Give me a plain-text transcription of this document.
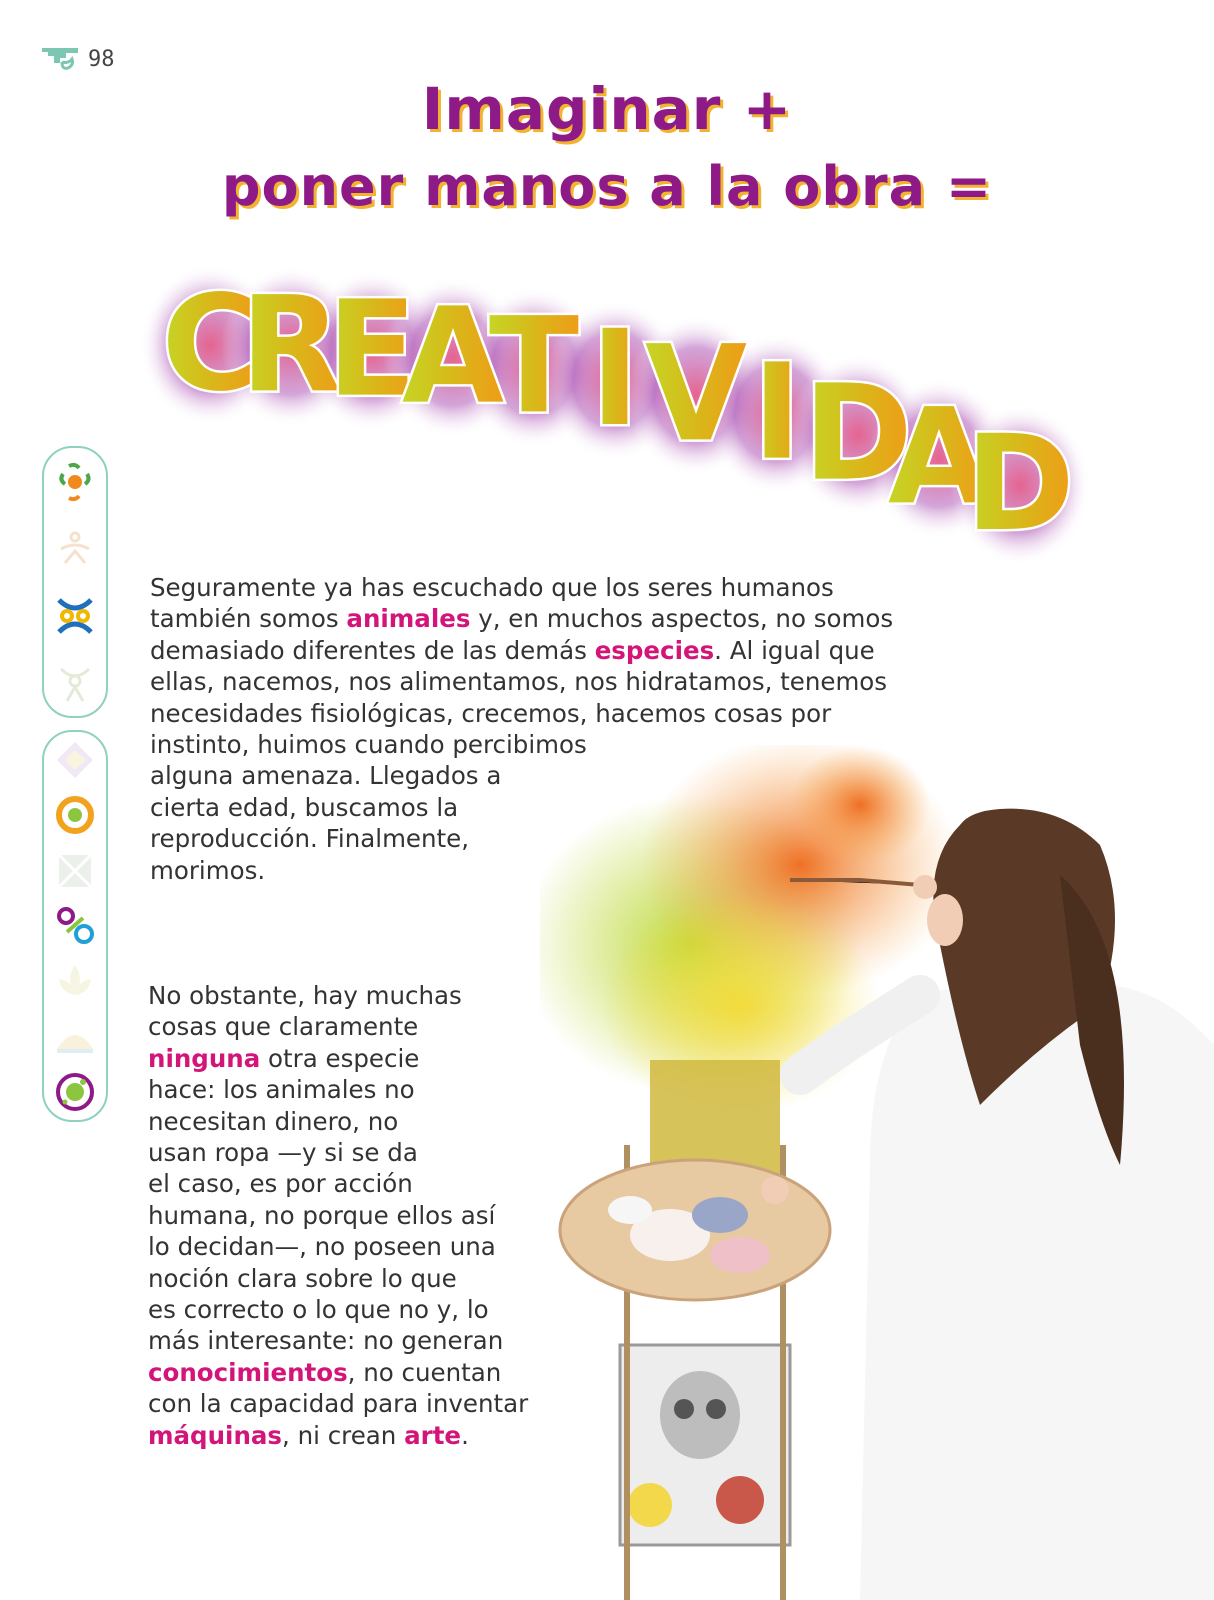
98
Imaginar +
poner manos a la obra =
C
R
E
A
T I V I D
A
D
Seguramente ya has escuchado que los seres humanos
también somos animales y, en muchos aspectos, no somos
demasiado diferentes de las demás especies. Al igual que
ellas, nacemos, nos alimentamos, nos hidratamos, tenemos
necesidades fisiológicas, crecemos, hacemos cosas por
instinto, huimos cuando percibimos
alguna amenaza. Llegados a
cierta edad, buscamos la
reproducción. Finalmente,
morimos.
No obstante, hay muchas
cosas que claramente
ninguna otra especie
hace: los animales no
necesitan dinero, no
usan ropa —y si se da
el caso, es por acción
humana, no porque ellos así
lo decidan—, no poseen una
noción clara sobre lo que
es correcto o lo que no y, lo
más interesante: no generan
conocimientos, no cuentan
con la capacidad para inventar
máquinas, ni crean arte.
